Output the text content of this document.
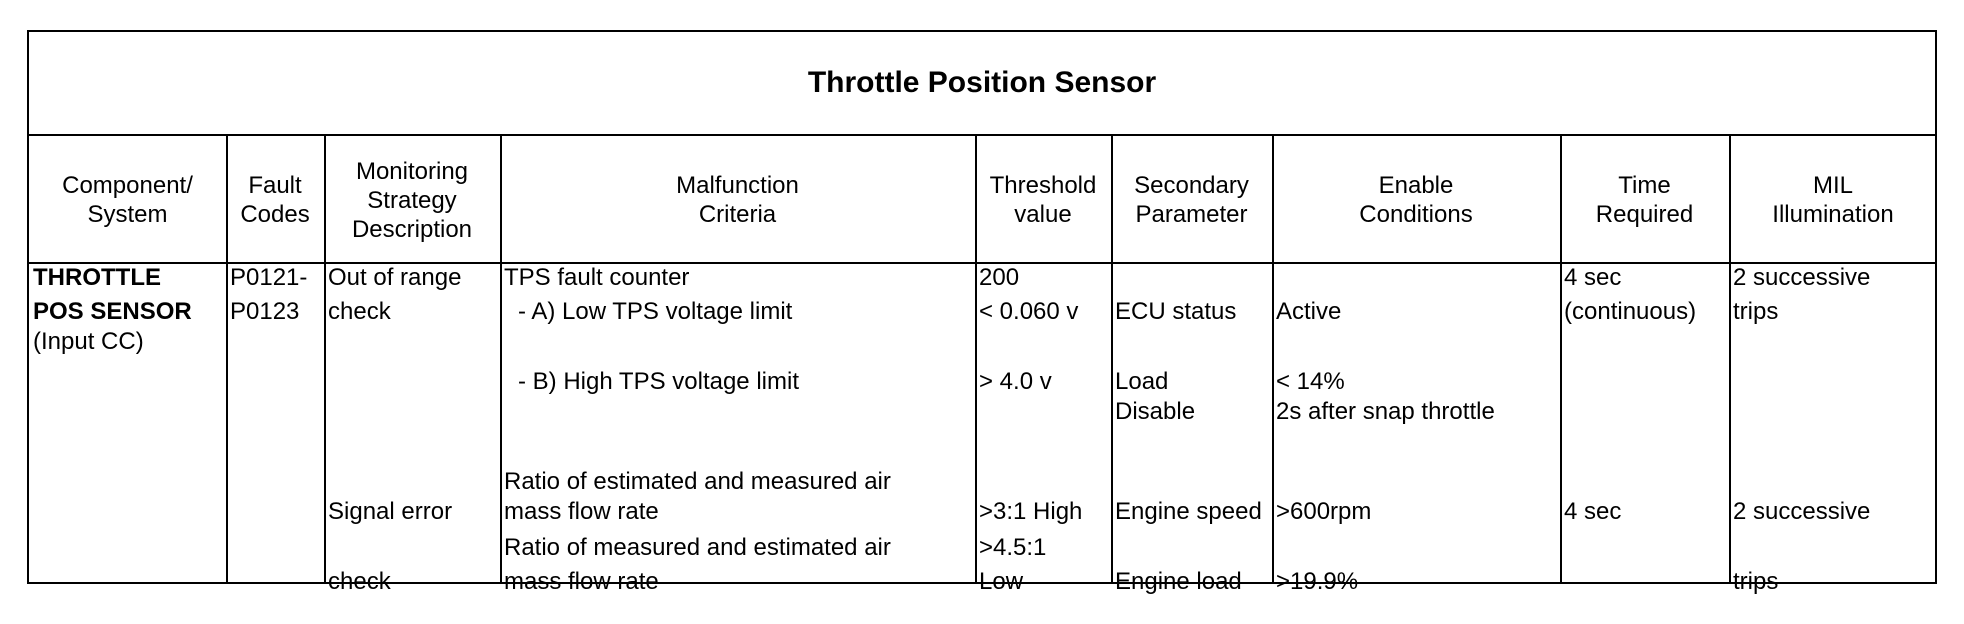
Throttle Position Sensor
Component/
System
Fault
Codes
Monitoring
Strategy
Description
Malfunction
Criteria
Threshold
value
Secondary
Parameter
Enable
Conditions
Time
Required
MIL
Illumination
THROTTLE
POS SENSOR
(Input CC)
P0121-
P0123
Out of range
check
Signal error
check
TPS fault counter
- A) Low TPS voltage limit
- B) High TPS voltage limit
Ratio of estimated and measured air
mass flow rate
Ratio of measured and estimated air
mass flow rate
200
< 0.060 v
> 4.0 v
>3:1 High
>4.5:1
Low
ECU status
Load
Disable
Engine speed
Engine load
Active
< 14%
2s after snap throttle
>600rpm
>19.9%
4 sec
(continuous)
4 sec
2 successive
trips
2 successive
trips
